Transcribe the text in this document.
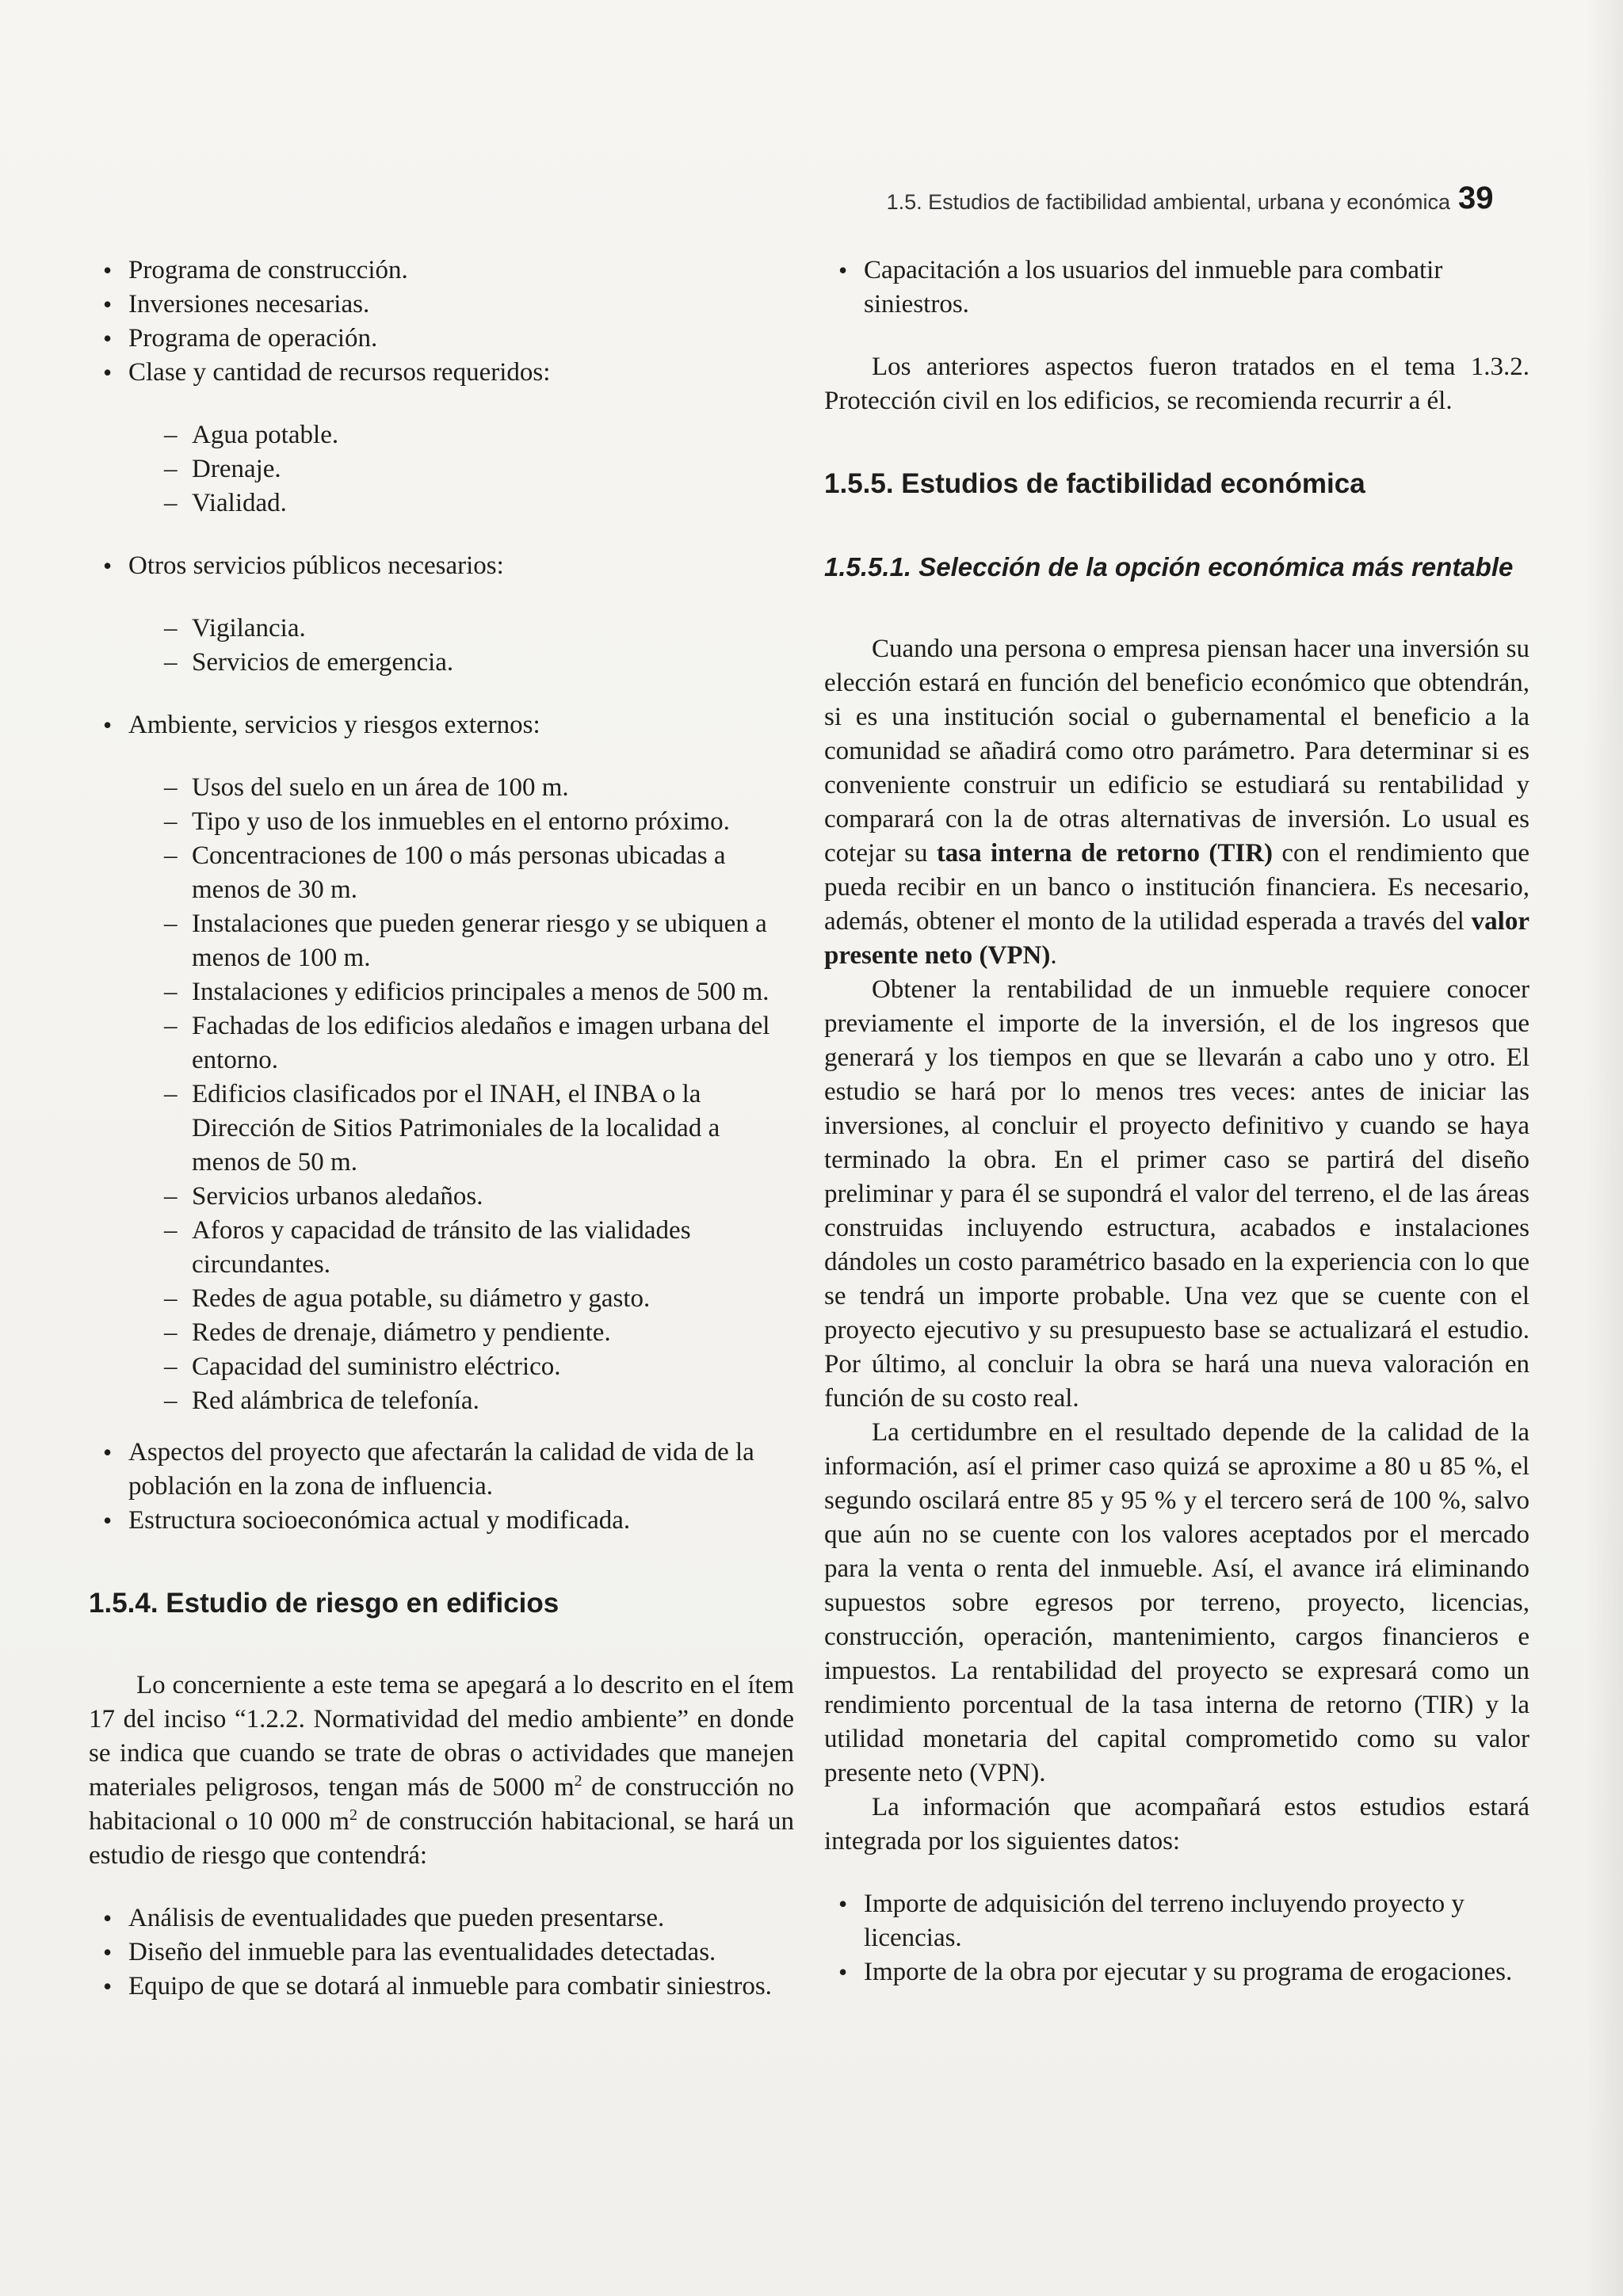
1.5. Estudios de factibilidad ambiental, urbana y económica 39

• Programa de construcción.

• Inversiones necesarias.

• Programa de operación.

• Clase y cantidad de recursos requeridos:

– Agua potable.

– Drenaje.

– Vialidad.

• Otros servicios públicos necesarios:

– Vigilancia.

– Servicios de emergencia.

• Ambiente, servicios y riesgos externos:

– Usos del suelo en un área de 100 m.

– Tipo y uso de los inmuebles en el entorno próximo.

– Concentraciones de 100 o más personas ubicadas a menos de 30 m.

– Instalaciones que pueden generar riesgo y se ubiquen a menos de 100 m.

– Instalaciones y edificios principales a menos de 500 m.

– Fachadas de los edificios aledaños e imagen urbana del entorno.

– Edificios clasificados por el INAH, el INBA o la Dirección de Sitios Patrimoniales de la localidad a menos de 50 m.

– Servicios urbanos aledaños.

– Aforos y capacidad de tránsito de las vialidades circundantes.

– Redes de agua potable, su diámetro y gasto.

– Redes de drenaje, diámetro y pendiente.

– Capacidad del suministro eléctrico.

– Red alámbrica de telefonía.

• Aspectos del proyecto que afectarán la calidad de vida de la población en la zona de influencia.

• Estructura socioeconómica actual y modificada.

1.5.4. Estudio de riesgo en edificios

Lo concerniente a este tema se apegará a lo descrito en el ítem 17 del inciso “1.2.2. Normatividad del medio ambiente” en donde se indica que cuando se trate de obras o actividades que manejen materiales peligrosos, tengan más de 5000 $m^2$ de construcción no habitacional o 10 000 $m^2$ de construcción habitacional, se hará un estudio de riesgo que contendrá:

• Análisis de eventualidades que pueden presentarse.

• Diseño del inmueble para las eventualidades detectadas.

• Equipo de que se dotará al inmueble para combatir siniestros.

• Capacitación a los usuarios del inmueble para combatir siniestros.

Los anteriores aspectos fueron tratados en el tema 1.3.2. Protección civil en los edificios, se recomienda recurrir a él.

1.5.5. Estudios de factibilidad económica
1.5.5.1. Selección de la opción económica más rentable

Cuando una persona o empresa piensan hacer una inversión su elección estará en función del beneficio económico que obtendrán, si es una institución social o gubernamental el beneficio a la comunidad se añadirá como otro parámetro. Para determinar si es conveniente construir un edificio se estudiará su rentabilidad y comparará con la de otras alternativas de inversión. Lo usual es cotejar su tasa interna de retorno (TIR) con el rendimiento que pueda recibir en un banco o institución financiera. Es necesario, además, obtener el monto de la utilidad esperada a través del valor presente neto (VPN).

Obtener la rentabilidad de un inmueble requiere conocer previamente el importe de la inversión, el de los ingresos que generará y los tiempos en que se llevarán a cabo uno y otro. El estudio se hará por lo menos tres veces: antes de iniciar las inversiones, al concluir el proyecto definitivo y cuando se haya terminado la obra. En el primer caso se partirá del diseño preliminar y para él se supondrá el valor del terreno, el de las áreas construidas incluyendo estructura, acabados e instalaciones dándoles un costo paramétrico basado en la experiencia con lo que se tendrá un importe probable. Una vez que se cuente con el proyecto ejecutivo y su presupuesto base se actualizará el estudio. Por último, al concluir la obra se hará una nueva valoración en función de su costo real.

La certidumbre en el resultado depende de la calidad de la información, así el primer caso quizá se aproxime a 80 u 85 %, el segundo oscilará entre 85 y 95 % y el tercero será de 100 %, salvo que aún no se cuente con los valores aceptados por el mercado para la venta o renta del inmueble. Así, el avance irá eliminando supuestos sobre egresos por terreno, proyecto, licencias, construcción, operación, mantenimiento, cargos financieros e impuestos. La rentabilidad del proyecto se expresará como un rendimiento porcentual de la tasa interna de retorno (TIR) y la utilidad monetaria del capital comprometido como su valor presente neto (VPN).

La información que acompañará estos estudios estará integrada por los siguientes datos:

• Importe de adquisición del terreno incluyendo proyecto y licencias.

• Importe de la obra por ejecutar y su programa de erogaciones.
